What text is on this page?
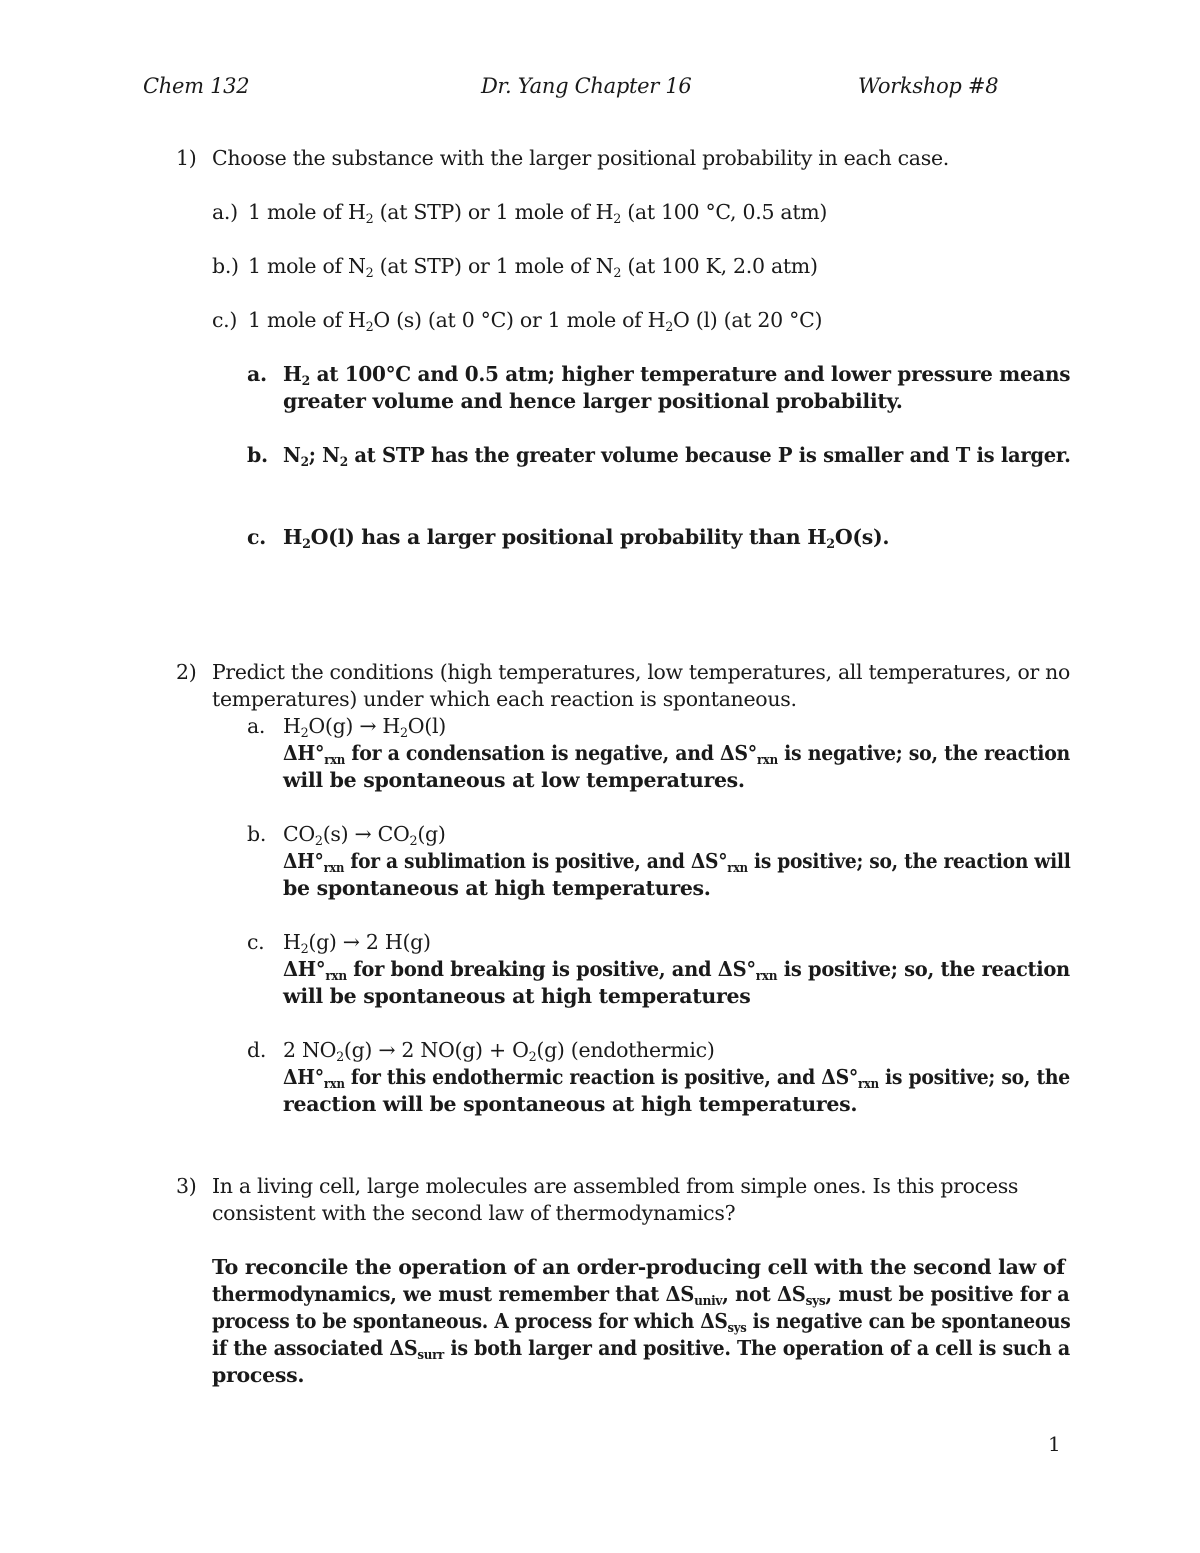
Chem 132	Dr. Yang Chapter 16	Workshop #8
1) Choose the substance with the larger positional probability in each case.
a.) 1 mole of $H_2$ (at STP) or 1 mole of $H_2$ (at 100 °C, 0.5 atm)
b.) 1 mole of $N_2$ (at STP) or 1 mole of $N_2$ (at 100 K, 2.0 atm)
c.) 1 mole of $H_2O$ (s) (at 0 °C) or 1 mole of $H_2O$ (l) (at 20 °C)
a. $H_2$ at 100°C and 0.5 atm; higher temperature and lower pressure means
greater volume and hence larger positional probability.
b. $N_2$; $N_2$ at STP has the greater volume because P is smaller and T is larger.
c. $H_2O(l)$ has a larger positional probability than $H_2O(s)$.
2) Predict the conditions (high temperatures, low temperatures, all temperatures, or no
temperatures) under which each reaction is spontaneous.
a. $H_2O(g) \to H_2O(l)$
$\Delta H^\circ_{rxn}$ for a condensation is negative, and $\Delta S^\circ_{rxn}$ is negative; so, the reaction
will be spontaneous at low temperatures.
b. $CO_2(s) \to CO_2(g)$
$\Delta H^\circ_{rxn}$ for a sublimation is positive, and $\Delta S^\circ_{rxn}$ is positive; so, the reaction will
be spontaneous at high temperatures.
c. $H_2(g) \to 2$ H(g)
$\Delta H^\circ_{rxn}$ for bond breaking is positive, and $\Delta S^\circ_{rxn}$ is positive; so, the reaction
will be spontaneous at high temperatures
d. 2 $NO_2(g) \to 2$ $NO(g) + O_2(g)$ (endothermic)
$\Delta H^\circ_{rxn}$ for this endothermic reaction is positive, and $\Delta S^\circ_{rxn}$ is positive; so, the
reaction will be spontaneous at high temperatures.
3) In a living cell, large molecules are assembled from simple ones. Is this process
consistent with the second law of thermodynamics?
To reconcile the operation of an order-producing cell with the second law of
thermodynamics, we must remember that $\Delta S_{univ}$, not $\Delta S_{sys}$, must be positive for a
process to be spontaneous. A process for which $\Delta S_{sys}$ is negative can be spontaneous
if the associated $\Delta S_{surr}$ is both larger and positive. The operation of a cell is such a
process.
1
